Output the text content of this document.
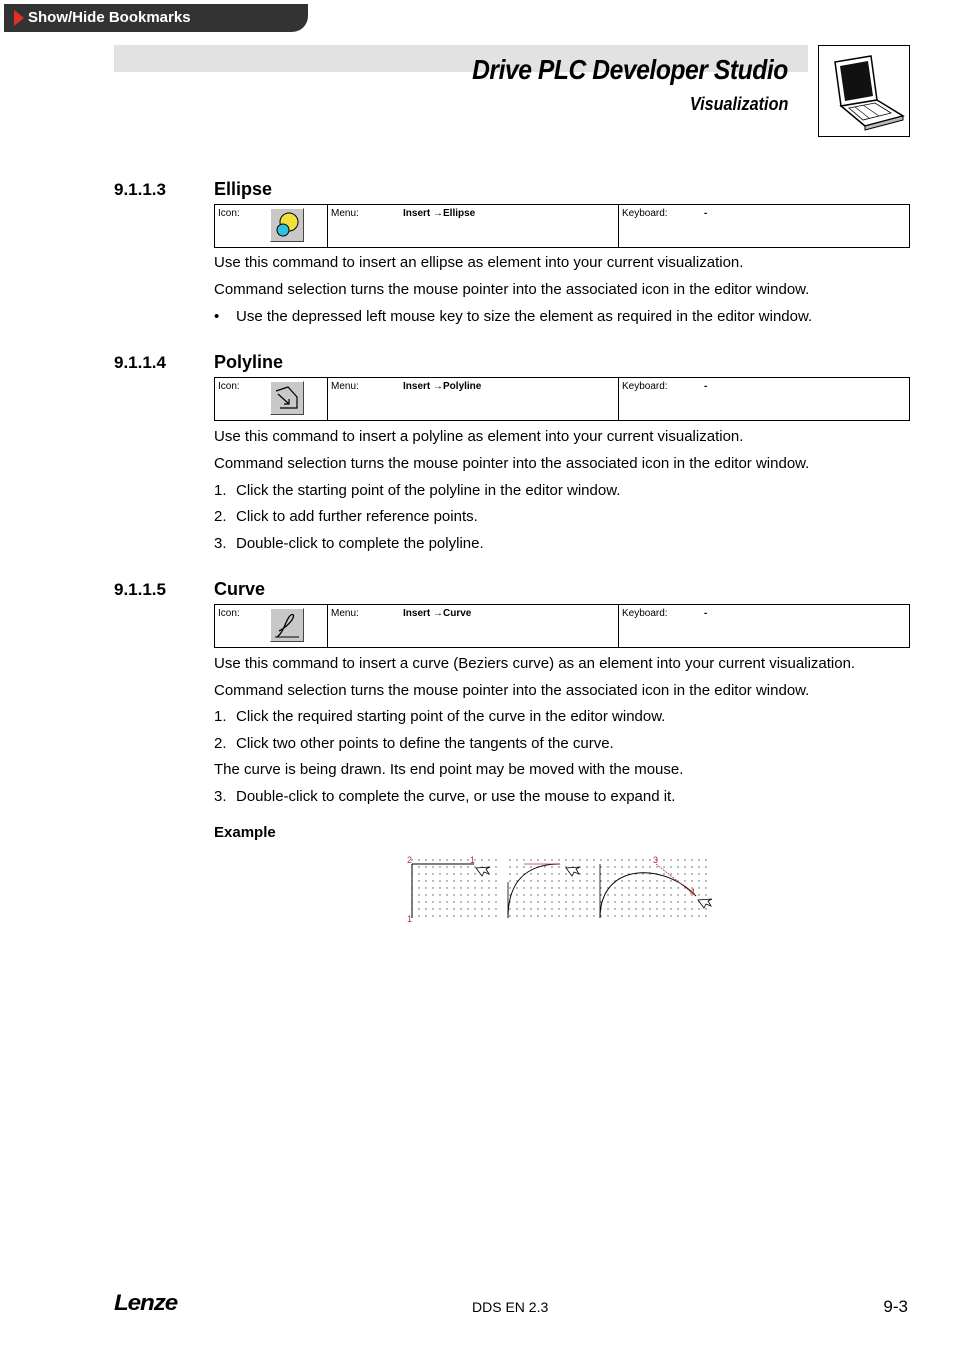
Show/Hide Bookmarks
Drive PLC Developer Studio
Visualization
9.1.1.3	Ellipse
Icon:	Menu:	Insert →Ellipse	Keyboard:	-
Use this command to insert an ellipse as element into your current visualization.
Command selection turns the mouse pointer into the associated icon in the editor window.
• Use the depressed left mouse key to size the element as required in the editor window.
9.1.1.4	Polyline
Icon:	Menu:	Insert →Polyline	Keyboard:	-
Use this command to insert a polyline as element into your current visualization.
Command selection turns the mouse pointer into the associated icon in the editor window.
1. Click the starting point of the polyline in the editor window.
2. Click to add further reference points.
3. Double-click to complete the polyline.
9.1.1.5	Curve
Icon:	Menu:	Insert →Curve	Keyboard:	-
Use this command to insert a curve (Beziers curve) as an element into your current visualization.
Command selection turns the mouse pointer into the associated icon in the editor window.
1. Click the required starting point of the curve in the editor window.
2. Click two other points to define the tangents of the curve.
The curve is being drawn. Its end point may be moved with the mouse.
3. Double-click to complete the curve, or use the mouse to expand it.
Example
2	1
1
3
4
Lenze	DDS EN 2.3	9-3
